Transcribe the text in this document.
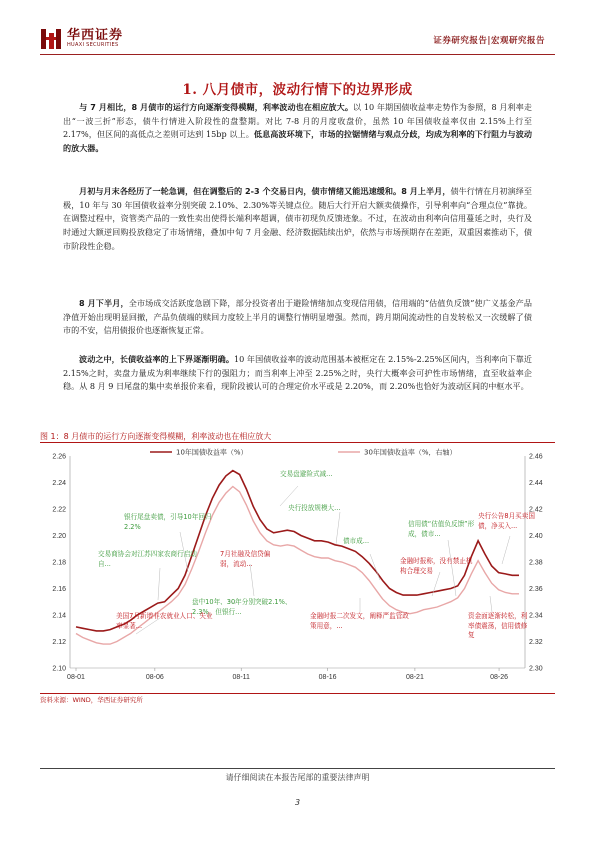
华西证券
HUAXI SECURITIES	证券研究报告|宏观研究报告
1. 八月债市，波动行情下的边界形成
与 7 月相比，8 月债市的运行方向逐渐变得模糊，利率波动也在相应放大。以 10 年期国债收益率走势作为参照，8 月利率走出“一波三折”形态，债牛行情进入阶段性的盘整期。对比 7-8 月的月度收盘价，虽然 10 年国债收益率仅由 2.15%上行至 2.17%，但区间的高低点之差则可达到 15bp 以上。低息高波环境下，市场的拉锯情绪与观点分歧，均成为利率的下行阻力与波动的放大器。
月初与月末各经历了一轮急调，但在调整后的 2-3 个交易日内，债市情绪又能迅速缓和。8 月上半月，债牛行情在月初演绎至极，10 年与 30 年国债收益率分别突破 2.10%、2.30%等关键点位。随后大行开启大额卖债操作，引导利率向“合理点位”靠拢。在调整过程中，资管类产品的一致性卖出使得长端利率超调，债市初现负反馈迹象。不过，在波动由利率向信用蔓延之时，央行及时通过大额逆回购投放稳定了市场情绪，叠加中旬 7 月金融、经济数据陆续出炉，依然与市场预期存在差距，双重因素推动下，债市阶段性企稳。
8 月下半月，全市场成交活跃度急剧下降，部分投资者出于避险情绪加点变现信用债，信用端的“估值负反馈”使广义基金产品净值开始出现明显回撤，产品负债端的赎回力度较上半月的调整行情明显增强。然而，跨月期间流动性的自发转松又一次缓解了债市的不安，信用债报价也逐渐恢复正常。
波动之中，长债收益率的上下界逐渐明确。10 年国债收益率的波动范围基本被框定在 2.15%-2.25%区间内，当利率向下靠近 2.15%之时，卖盘力量成为利率继续下行的强阻力；而当利率上冲至 2.25%之时，央行大概率会可护性市场情绪，直至收益率企稳。从 8 月 9 日尾盘的集中卖单报价来看，现阶段被认可的合理定价水平或是 2.20%，而 2.20%也恰好为波动区间的中枢水平。
图 1：8 月债市的运行方向逐渐变得模糊，利率波动也在相应放大
2.10
2.12
2.14
2.16
2.18
2.20
2.22
2.24
2.26
2.30
2.32
2.34
2.36
2.38
2.40
2.42
2.44
2.46
08-01	08-06	08-11	08-16	08-21	08-26
10年国债收益率（%）	30年国债收益率（%，右轴）
交易盘避险式减...
央行投放规模大...
银行尾盘卖债，引导10年回归2.2%
交易商协会对江苏四家农商行启动自...
7月社融及信贷偏弱，流动...
债市成...
信用债“估值负反馈”形成，债市...
央行公告8月买卖国债，净买入...
金融时报称，没有禁止机构合理交易
盘中10年、30年分别突破2.1%、2.3%，但银行...
美国7月新增非农就业人口、失业率显著...
金融时报二次发文，阐释严监管政策用意，...
资金面逐渐转松，利率债震荡，信用债修复
资料来源：WIND，华西证券研究所
请仔细阅读在本报告尾部的重要法律声明
3
